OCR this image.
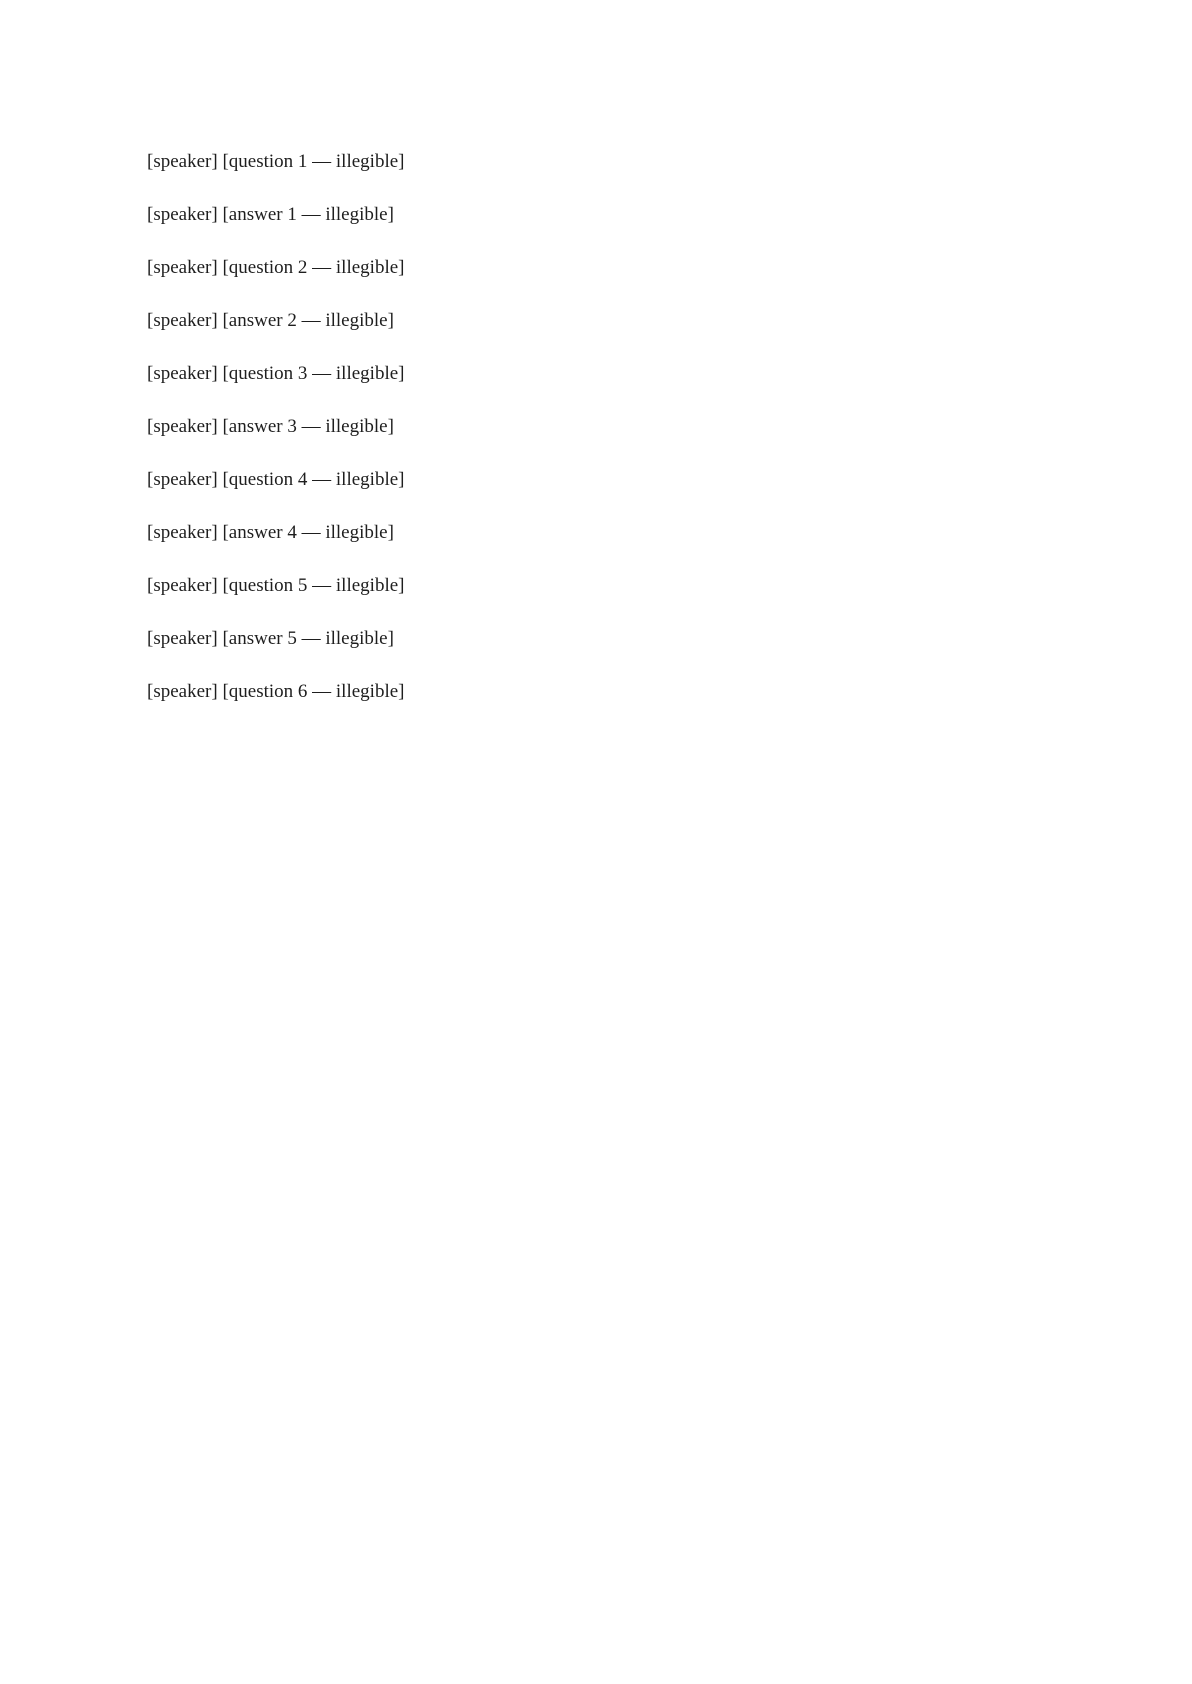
[speaker] [question 1 — illegible]

[speaker] [answer 1 — illegible]

[speaker] [question 2 — illegible]

[speaker] [answer 2 — illegible]

[speaker] [question 3 — illegible]

[speaker] [answer 3 — illegible]

[speaker] [question 4 — illegible]

[speaker] [answer 4 — illegible]

[speaker] [question 5 — illegible]

[speaker] [answer 5 — illegible]

[speaker] [question 6 — illegible]
